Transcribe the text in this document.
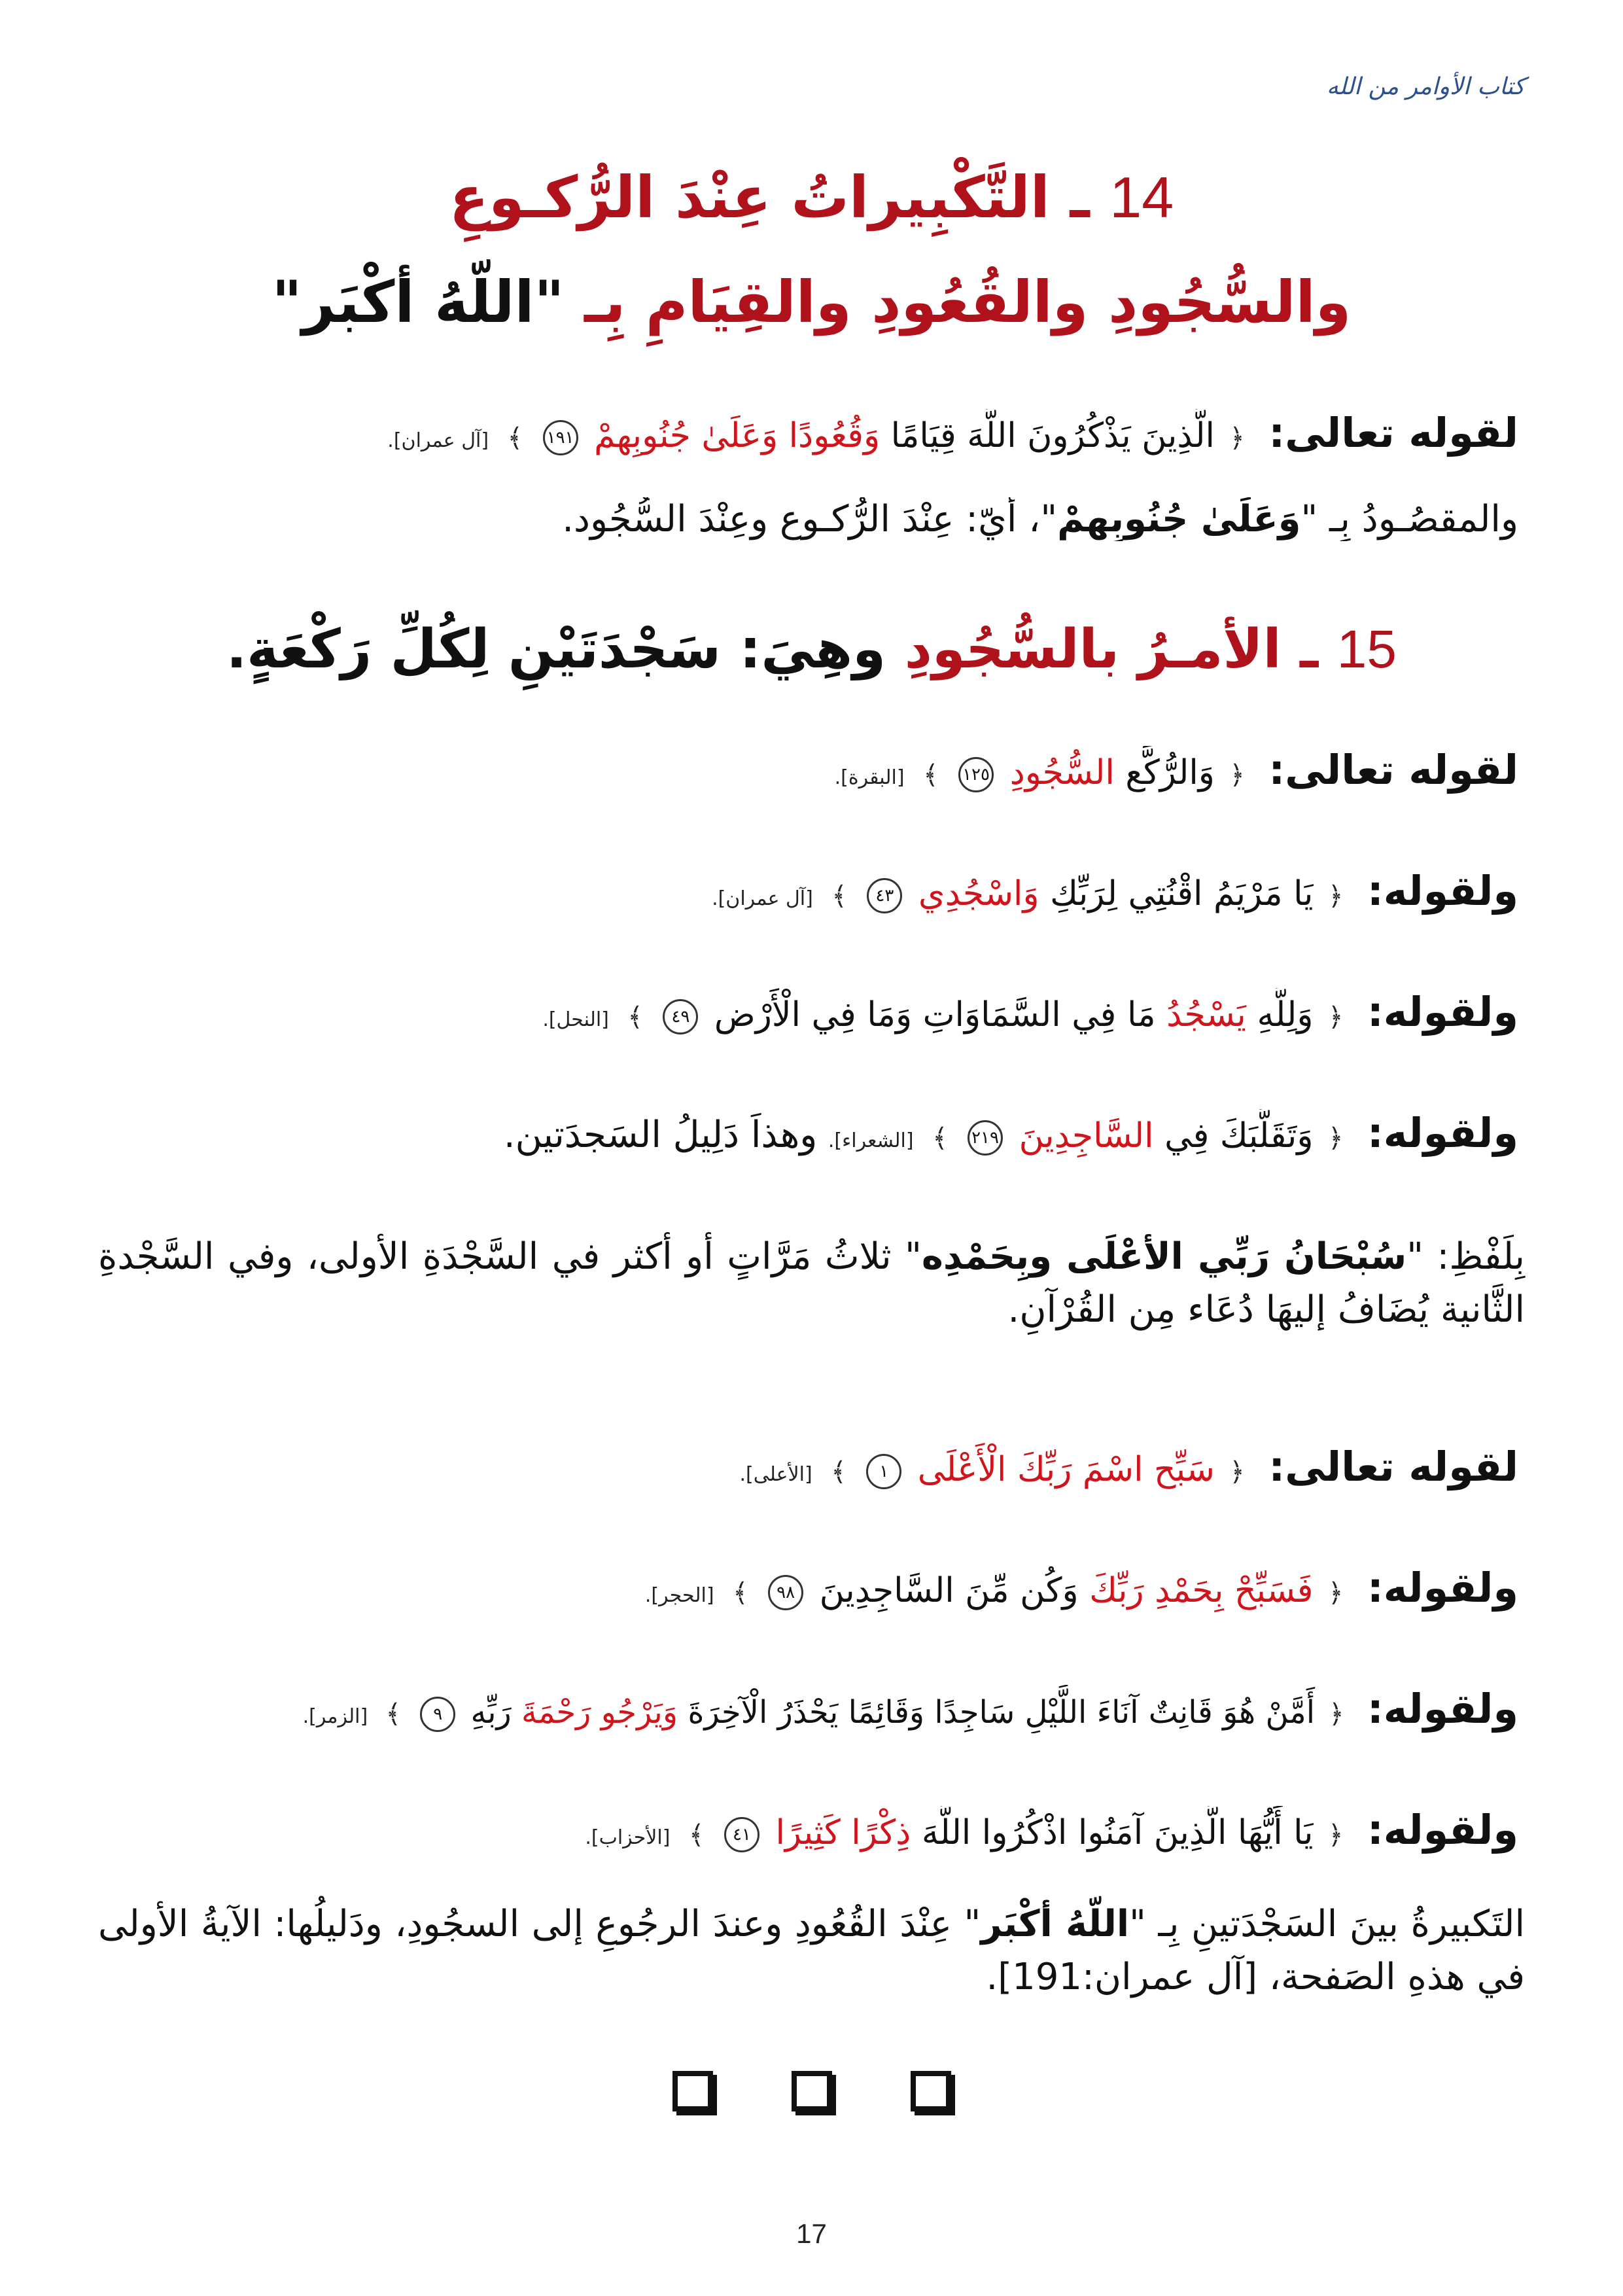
كتاب الأوامر من الله
14 ـ التَّكْبِيراتُ عِنْدَ الرُّكـوعِ
والسُّجُودِ والقُعُودِ والقِيَامِ بِـ "اللّهُ أكْبَر"
لقوله تعالى: ﴿ الَّذِينَ يَذْكُرُونَ اللَّهَ قِيَامًا وَقُعُودًا وَعَلَىٰ جُنُوبِهِمْ ١٩١ ﴾ [آل عمران].
والمقصُـودُ بِـ "وَعَلَىٰ جُنُوبِهِمْ"، أيّ: عِنْدَ الرُّكـوعِ وعِنْدَ السُّجُود.
15 ـ الأمـرُ بالسُّجُودِ وهِيَ: سَجْدَتَيْنِ لِكُلِّ رَكْعَةٍ.
لقوله تعالى: ﴿ وَالرُّكَّعِ السُّجُودِ ١٢٥ ﴾ [البقرة].
ولقوله: ﴿ يَا مَرْيَمُ اقْنُتِي لِرَبِّكِ وَاسْجُدِي ٤٣ ﴾ [آل عمران].
ولقوله: ﴿ وَلِلَّهِ يَسْجُدُ مَا فِي السَّمَاوَاتِ وَمَا فِي الْأَرْضِ ٤٩ ﴾ [النحل].
ولقوله: ﴿ وَتَقَلُّبَكَ فِي السَّاجِدِينَ ٢١٩ ﴾ [الشعراء]. وهذاَ دَلِيلُ السَجدَتينِ.
بِلَفْظِ: "سُبْحَانُ رَبِّي الأعْلَى وبِحَمْدِه" ثلاثُ مَرَّاتٍ أو أكثر في السَّجْدَةِ الأولى، وفي السَّجْدةِ الثَّانية يُضَافُ إليهَا دُعَاء مِن القُرْآنِ.
لقوله تعالى: ﴿ سَبِّحِ اسْمَ رَبِّكَ الْأَعْلَى ١ ﴾ [الأعلى].
ولقوله: ﴿ فَسَبِّحْ بِحَمْدِ رَبِّكَ وَكُن مِّنَ السَّاجِدِينَ ٩٨ ﴾ [الحجر].
ولقوله: ﴿ أَمَّنْ هُوَ قَانِتٌ آنَاءَ اللَّيْلِ سَاجِدًا وَقَائِمًا يَحْذَرُ الْآخِرَةَ وَيَرْجُو رَحْمَةَ رَبِّهِ ٩ ﴾ [الزمر].
ولقوله: ﴿ يَا أَيُّهَا الَّذِينَ آمَنُوا اذْكُرُوا اللَّهَ ذِكْرًا كَثِيرًا ٤١ ﴾ [الأحزاب].
التَكبيرةُ بينَ السَجْدَتينِ بِـ "اللّهُ أكْبَر" عِنْدَ القُعُودِ وعندَ الرجُوعِ إلى السجُودِ، ودَليلُها: الآيةُ الأولى في هذهِ الصَفحة، [آل عمران:191].
17
